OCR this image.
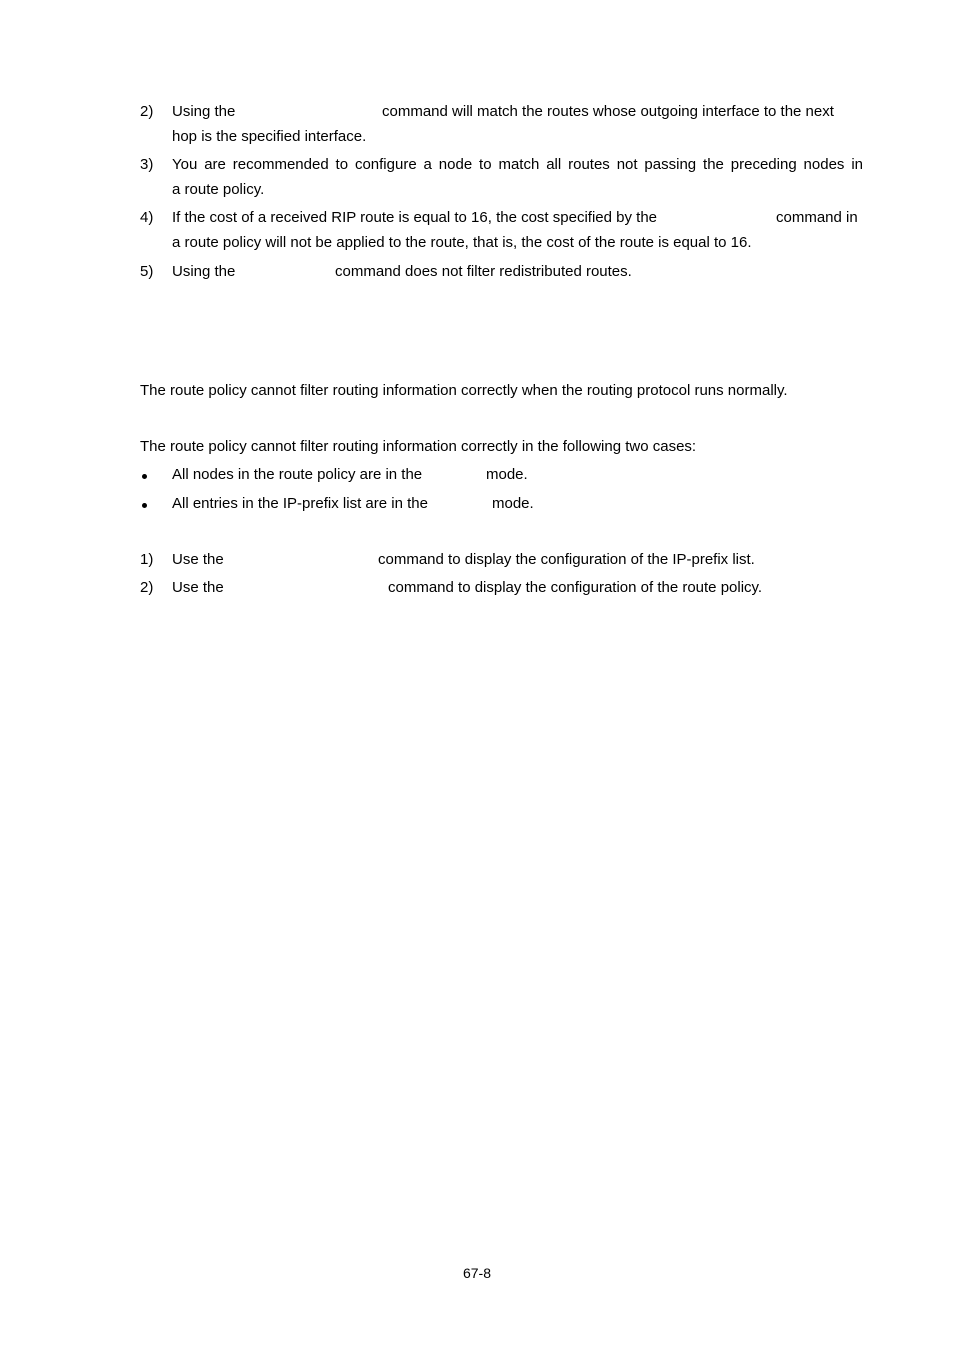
2) Using the	command will match the routes whose outgoing interface to the next
hop is the specified interface.
3) You are recommended to configure a node to match all routes not passing the preceding nodes in
a route policy.
4) If the cost of a received RIP route is equal to 16, the cost specified by the	command in
a route policy will not be applied to the route, that is, the cost of the route is equal to 16.
5) Using the	command does not filter redistributed routes.
The route policy cannot filter routing information correctly when the routing protocol runs normally.
The route policy cannot filter routing information correctly in the following two cases:
All nodes in the route policy are in the	mode.
All entries in the IP-prefix list are in the	mode.
1) Use the	command to display the configuration of the IP-prefix list.
2) Use the	command to display the configuration of the route policy.
67-8
